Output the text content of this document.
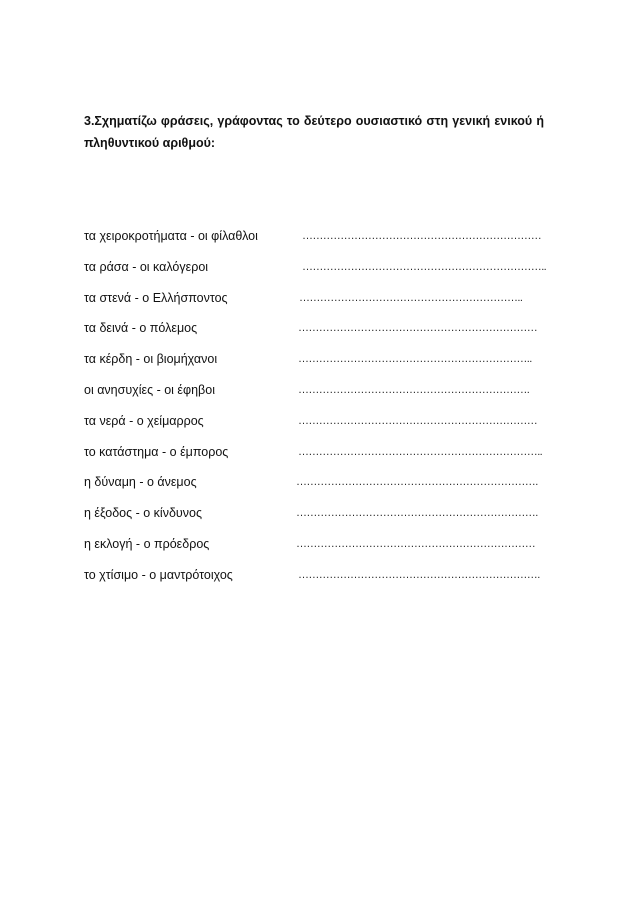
3.Σχηματίζω φράσεις, γράφοντας το δεύτερο ουσιαστικό στη γενική ενικού ή πληθυντικού αριθμού:
τα χειροκροτήματα - οι φίλαθλοι	……………………………………………………………
τα ράσα - οι καλόγεροι	……………………………………………………………..
τα στενά - ο Ελλήσποντος	………………………………………………………..
τα δεινά - ο πόλεμος	……………………………………………………………
τα κέρδη - οι βιομήχανοι	…………………………………………………………..
οι ανησυχίες - οι έφηβοι	………………………………………………………….
τα νερά - ο χείμαρρος	……………………………………………………………
το κατάστημα - ο έμπορος	……………………………………………………………..
η δύναμη - ο άνεμος	…………………………………………………………….
η έξοδος - ο κίνδυνος	…………………………………………………………….
η εκλογή - ο πρόεδρος	……………………………………………………………
το χτίσιμο - ο μαντρότοιχος	…………………………………………………………….
